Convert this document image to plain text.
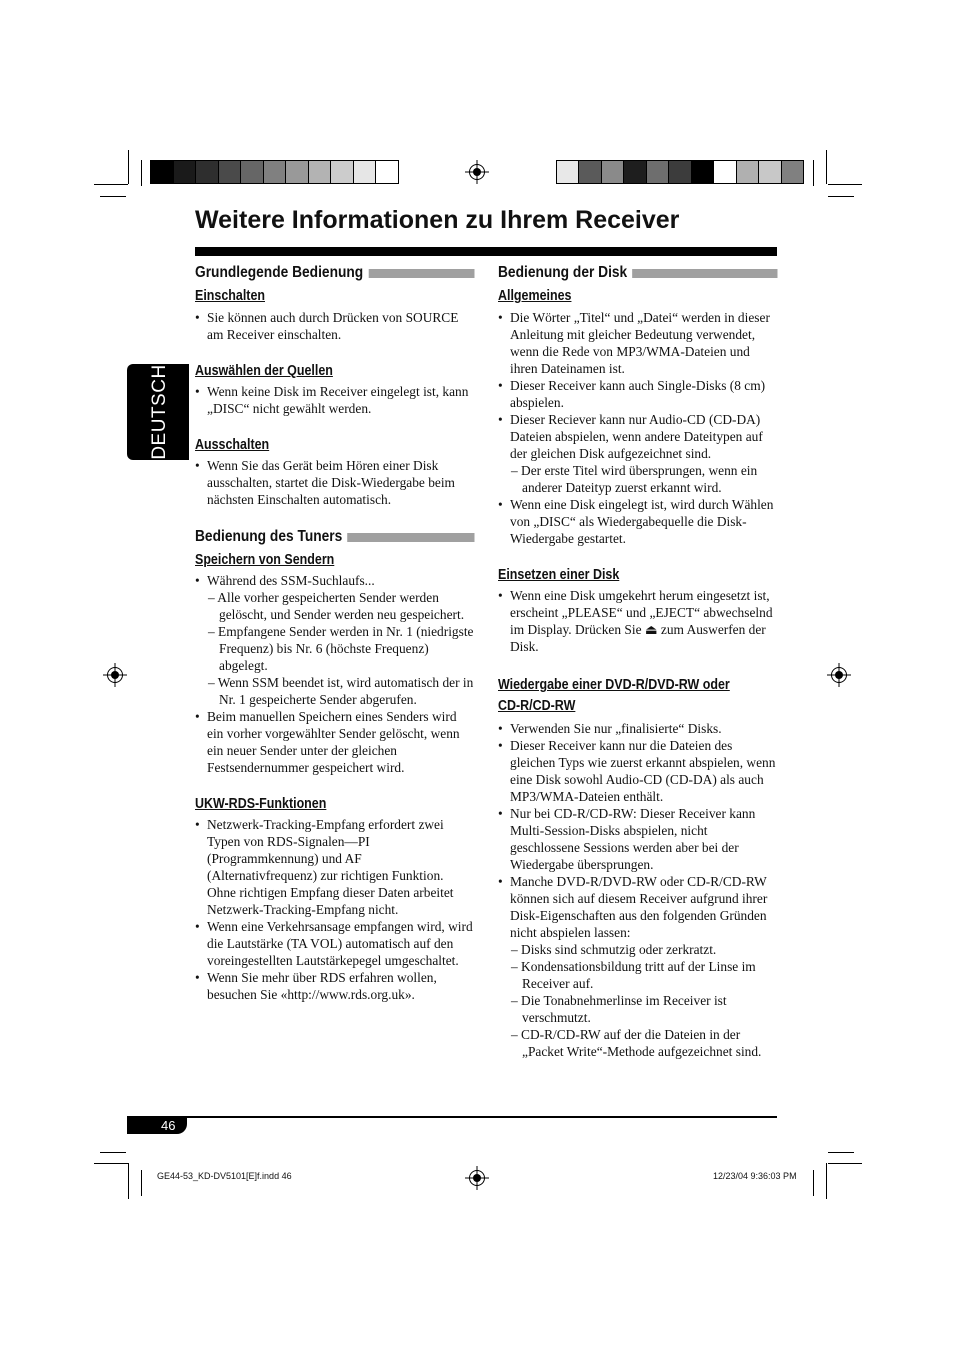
Weitere Informationen zu Ihrem Receiver
DEUTSCH
Grundlegende Bedienung
Einschalten
• Sie können auch durch Drücken von SOURCE am Receiver einschalten.
Auswählen der Quellen
• Wenn keine Disk im Receiver eingelegt ist, kann „DISC“ nicht gewählt werden.
Ausschalten
• Wenn Sie das Gerät beim Hören einer Disk ausschalten, startet die Disk-Wiedergabe beim nächsten Einschalten automatisch.
Bedienung des Tuners
Speichern von Sendern
• Während des SSM-Suchlaufs...
– Alle vorher gespeicherten Sender werden gelöscht, und Sender werden neu gespeichert.
– Empfangene Sender werden in Nr. 1 (niedrigste Frequenz) bis Nr. 6 (höchste Frequenz) abgelegt.
– Wenn SSM beendet ist, wird automatisch der in Nr. 1 gespeicherte Sender abgerufen.
• Beim manuellen Speichern eines Senders wird ein vorher vorgewählter Sender gelöscht, wenn ein neuer Sender unter der gleichen Festsendernummer gespeichert wird.
UKW-RDS-Funktionen
• Netzwerk-Tracking-Empfang erfordert zwei Typen von RDS-Signalen—PI (Programmkennung) und AF (Alternativfrequenz) zur richtigen Funktion. Ohne richtigen Empfang dieser Daten arbeitet Netzwerk-Tracking-Empfang nicht.
• Wenn eine Verkehrsansage empfangen wird, wird die Lautstärke (TA VOL) automatisch auf den voreingestellten Lautstärkepegel umgeschaltet.
• Wenn Sie mehr über RDS erfahren wollen, besuchen Sie «http://www.rds.org.uk».
Bedienung der Disk
Allgemeines
• Die Wörter „Titel“ und „Datei“ werden in dieser Anleitung mit gleicher Bedeutung verwendet, wenn die Rede von MP3/WMA-Dateien und ihren Dateinamen ist.
• Dieser Receiver kann auch Single-Disks (8 cm) abspielen.
• Dieser Reciever kann nur Audio-CD (CD-DA) Dateien abspielen, wenn andere Dateitypen auf der gleichen Disk aufgezeichnet sind.
– Der erste Titel wird übersprungen, wenn ein anderer Dateityp zuerst erkannt wird.
• Wenn eine Disk eingelegt ist, wird durch Wählen von „DISC“ als Wiedergabequelle die Disk-Wiedergabe gestartet.
Einsetzen einer Disk
• Wenn eine Disk umgekehrt herum eingesetzt ist, erscheint „PLEASE“ und „EJECT“ abwechselnd im Display. Drücken Sie ⏏ zum Auswerfen der Disk.
Wiedergabe einer DVD-R/DVD-RW oder
CD-R/CD-RW
• Verwenden Sie nur „finalisierte“ Disks.
• Dieser Receiver kann nur die Dateien des gleichen Typs wie zuerst erkannt abspielen, wenn eine Disk sowohl Audio-CD (CD-DA) als auch MP3/WMA-Dateien enthält.
• Nur bei CD-R/CD-RW: Dieser Receiver kann Multi-Session-Disks abspielen, nicht geschlossene Sessions werden aber bei der Wiedergabe übersprungen.
• Manche DVD-R/DVD-RW oder CD-R/CD-RW können sich auf diesem Receiver aufgrund ihrer Disk-Eigenschaften aus den folgenden Gründen nicht abspielen lassen:
– Disks sind schmutzig oder zerkratzt.
– Kondensationsbildung tritt auf der Linse im Receiver auf.
– Die Tonabnehmerlinse im Receiver ist verschmutzt.
– CD-R/CD-RW auf der die Dateien in der „Packet Write“-Methode aufgezeichnet sind.
46
GE44-53_KD-DV5101[E]f.indd 46	12/23/04 9:36:03 PM
